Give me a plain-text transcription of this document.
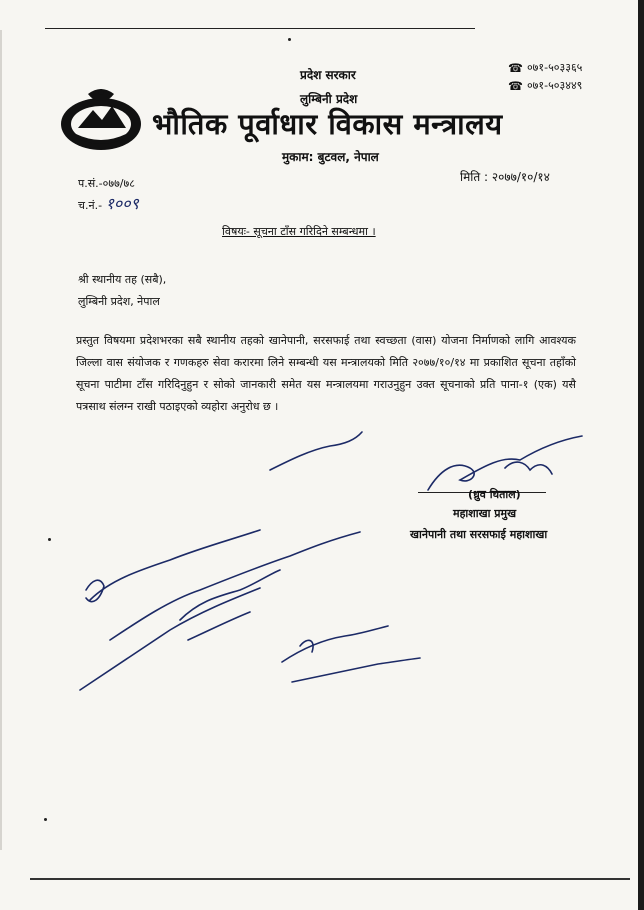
प्रदेश सरकार
लुम्बिनी प्रदेश
भौतिक पूर्वाधार विकास मन्त्रालय
मुकाम: बुटवल, नेपाल
☎ ०७१-५०३३६५
☎ ०७१-५०३४४९
प.सं.-०७७/७८
च.नं.- १००९
मिति : २०७७/१०/१४
विषयः- सूचना टाँस गरिदिने सम्बन्धमा ।
श्री स्थानीय तह (सबै),
लुम्बिनी प्रदेश, नेपाल
प्रस्तुत विषयमा प्रदेशभरका सबै स्थानीय तहको खानेपानी, सरसफाई तथा स्वच्छता (वास) योजना निर्माणको लागि आवश्यक जिल्ला वास संयोजक र गणकहरु सेवा करारमा लिने सम्बन्धी यस मन्त्रालयको मिति २०७७/१०/१४ मा प्रकाशित सूचना तहाँको सूचना पाटीमा टाँस गरिदिनुहुन र सोको जानकारी समेत यस मन्त्रालयमा गराउनुहुन उक्त सूचनाको प्रति पाना-१ (एक) यसै पत्रसाथ संलग्न राखी पठाइएको व्यहोरा अनुरोध छ ।
(ध्रुव घिताल)
महाशाखा प्रमुख
खानेपानी तथा सरसफाई महाशाखा
